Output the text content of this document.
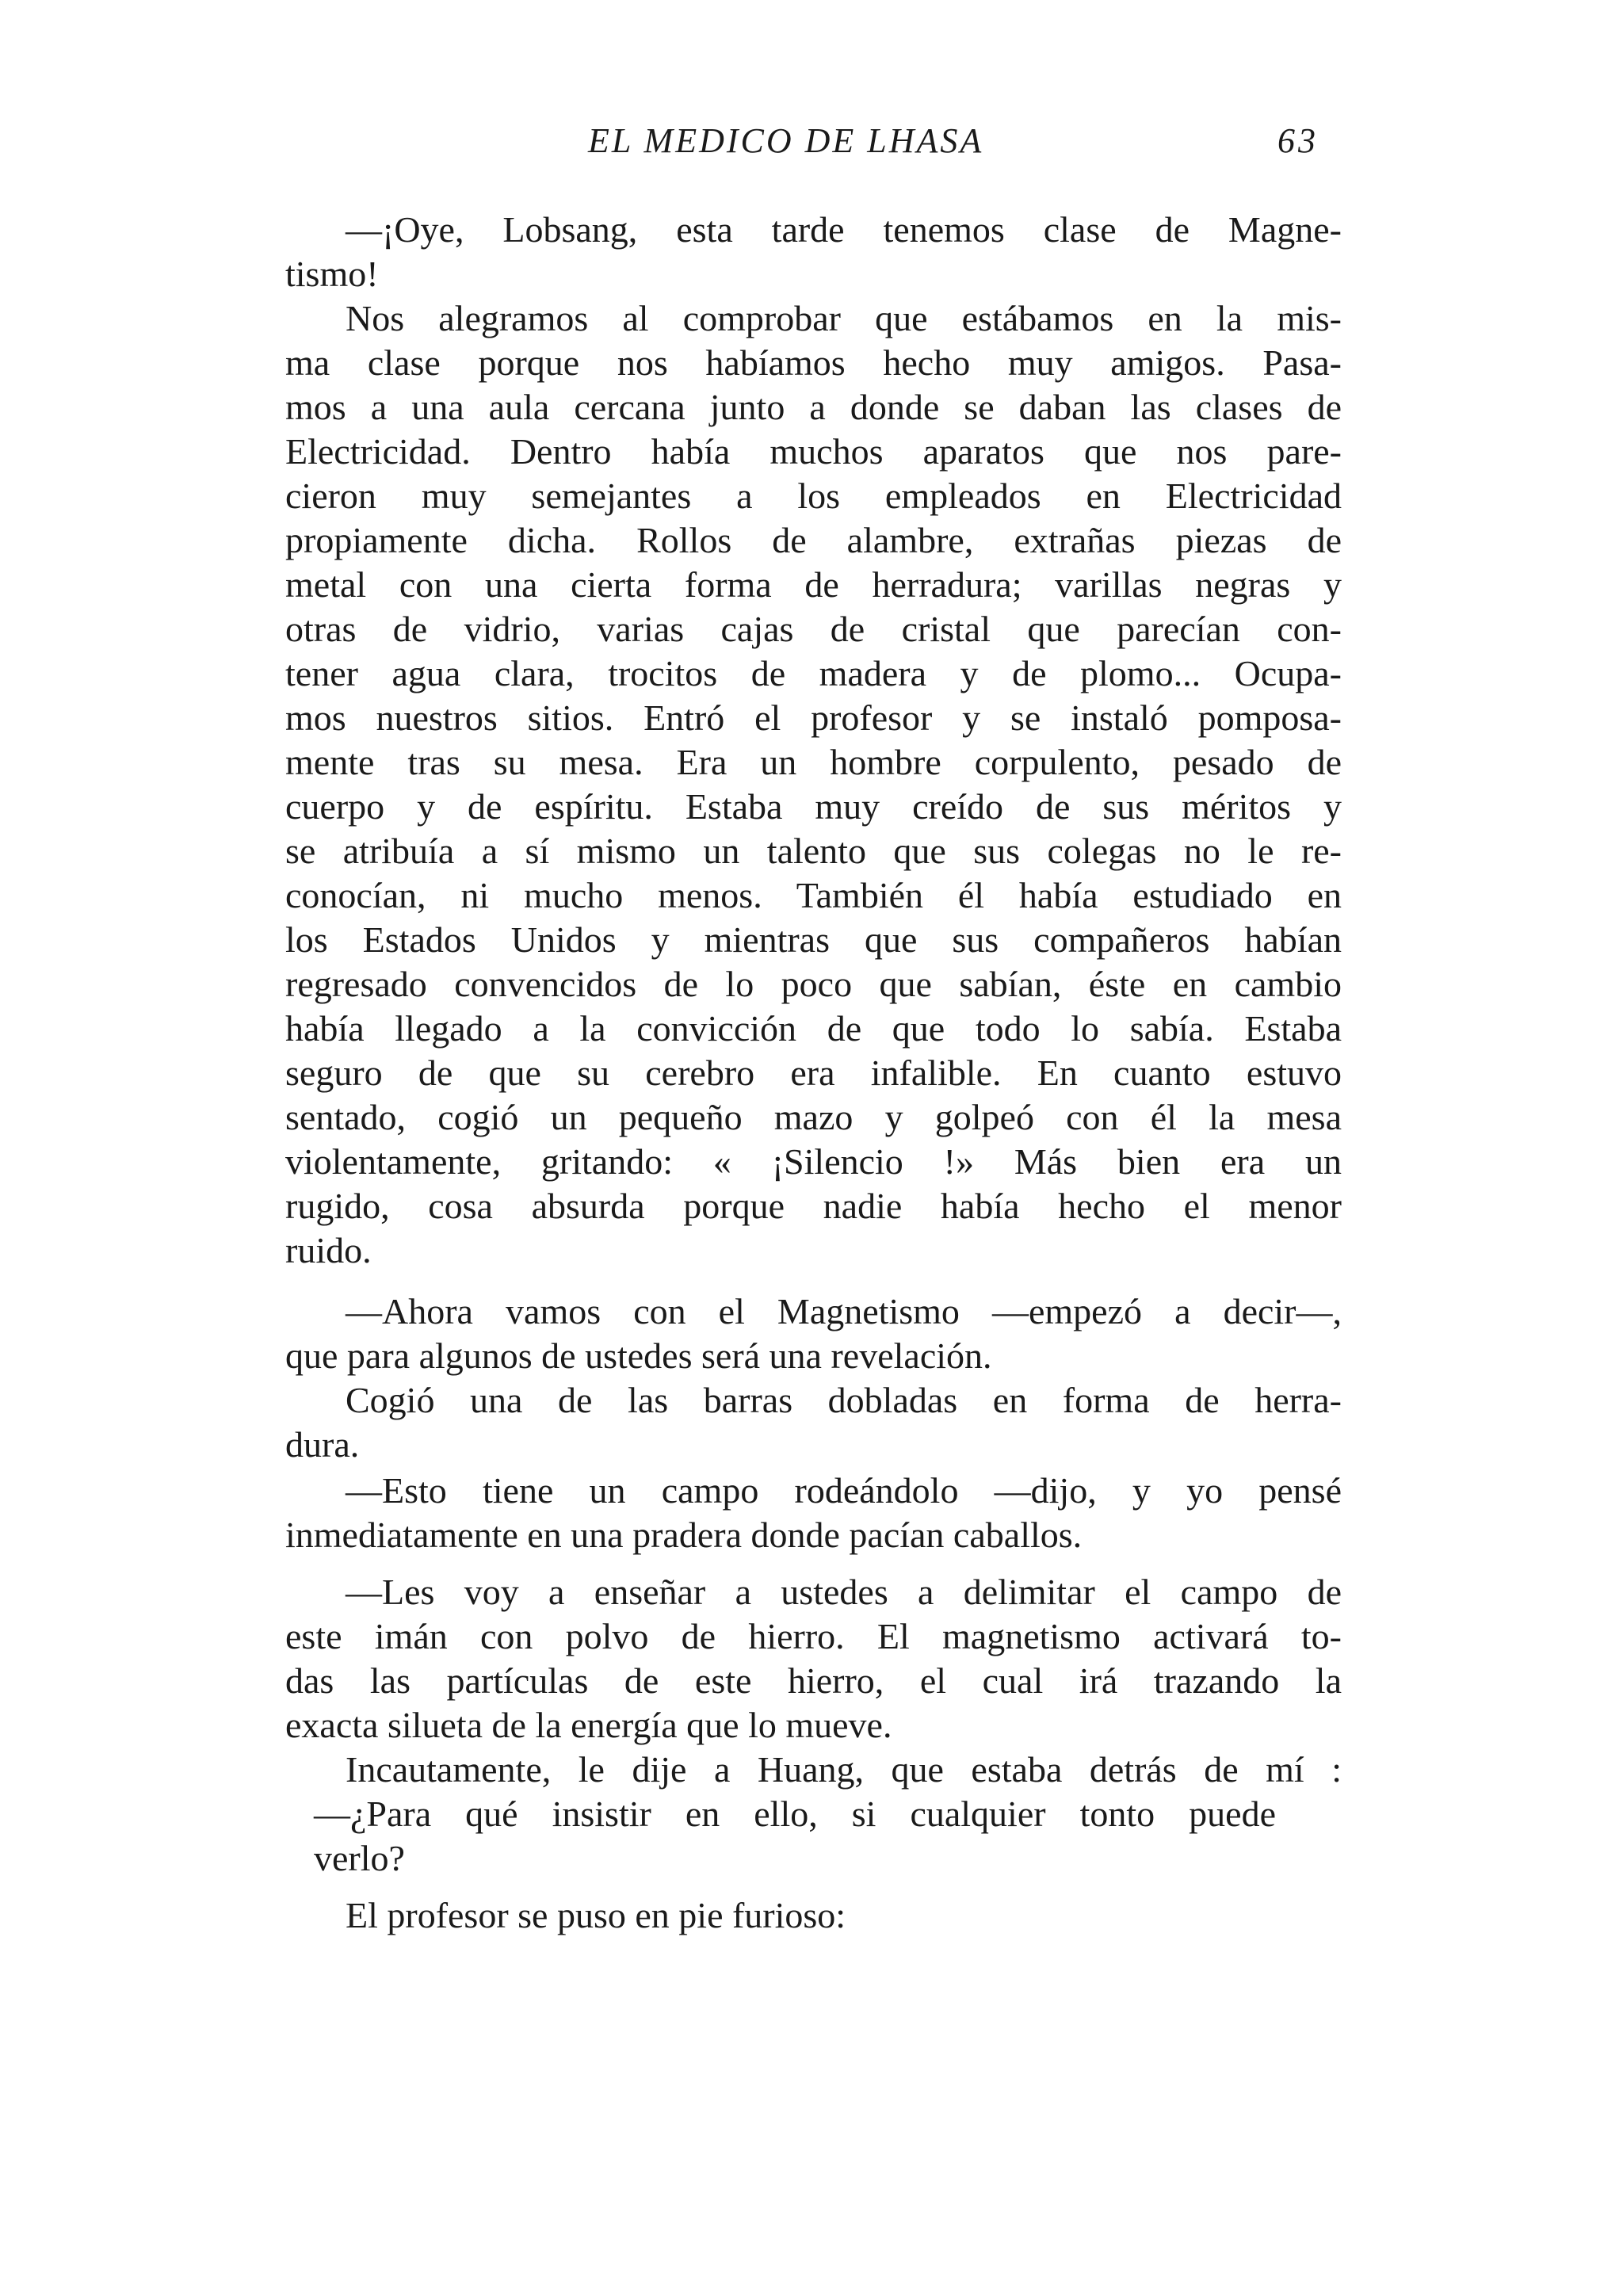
EL MEDICO DE LHASA	63
—¡Oye, Lobsang, esta tarde tenemos clase de Magne-
tismo!
Nos alegramos al comprobar que estábamos en la mis-
ma clase porque nos habíamos hecho muy amigos. Pasa-
mos a una aula cercana junto a donde se daban las clases de
Electricidad. Dentro había muchos aparatos que nos pare-
cieron muy semejantes a los empleados en Electricidad
propiamente dicha. Rollos de alambre, extrañas piezas de
metal con una cierta forma de herradura; varillas negras y
otras de vidrio, varias cajas de cristal que parecían con-
tener agua clara, trocitos de madera y de plomo... Ocupa-
mos nuestros sitios. Entró el profesor y se instaló pomposa-
mente tras su mesa. Era un hombre corpulento, pesado de
cuerpo y de espíritu. Estaba muy creído de sus méritos y
se atribuía a sí mismo un talento que sus colegas no le re-
conocían, ni mucho menos. También él había estudiado en
los Estados Unidos y mientras que sus compañeros habían
regresado convencidos de lo poco que sabían, éste en cambio
había llegado a la convicción de que todo lo sabía. Estaba
seguro de que su cerebro era infalible. En cuanto estuvo
sentado, cogió un pequeño mazo y golpeó con él la mesa
violentamente, gritando: « ¡Silencio !» Más bien era un
rugido, cosa absurda porque nadie había hecho el menor
ruido.
—Ahora vamos con el Magnetismo —empezó a decir—,
que para algunos de ustedes será una revelación.
Cogió una de las barras dobladas en forma de herra-
dura.
—Esto tiene un campo rodeándolo —dijo, y yo pensé
inmediatamente en una pradera donde pacían caballos.
—Les voy a enseñar a ustedes a delimitar el campo de
este imán con polvo de hierro. El magnetismo activará to-
das las partículas de este hierro, el cual irá trazando la
exacta silueta de la energía que lo mueve.
Incautamente, le dije a Huang, que estaba detrás de mí :
—¿Para qué insistir en ello, si cualquier tonto puede
verlo?
El profesor se puso en pie furioso:
